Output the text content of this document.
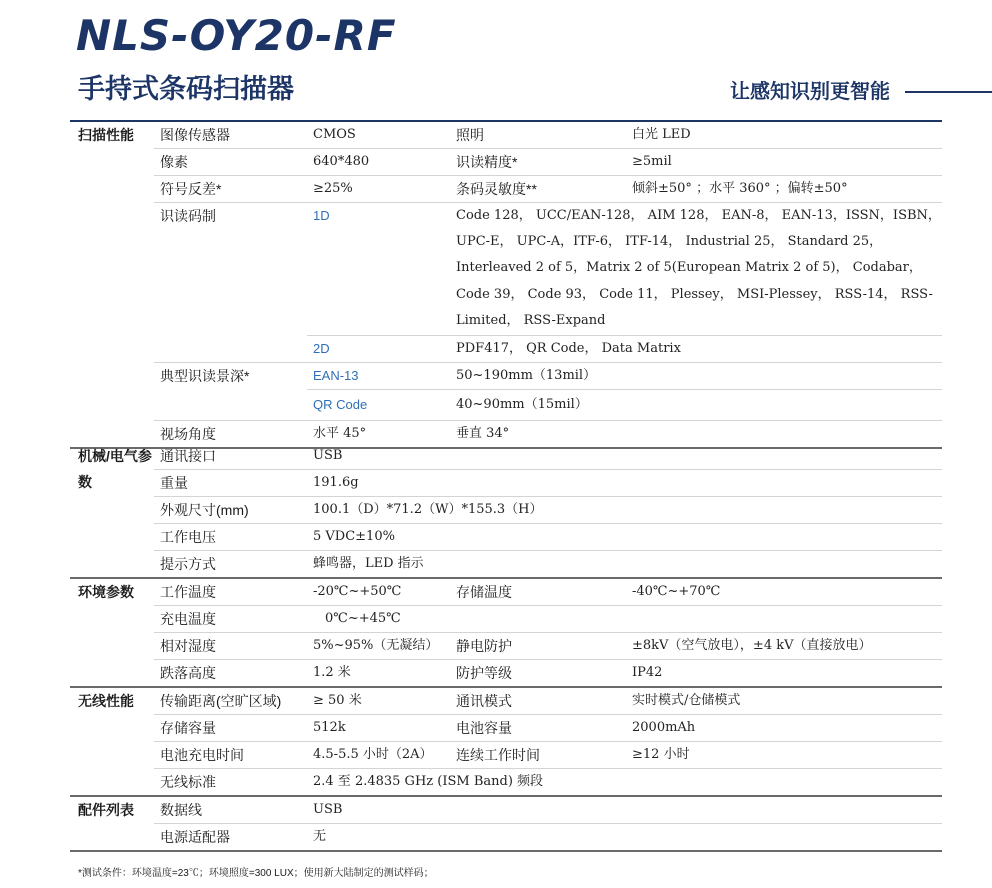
NLS-OY20-RF
手持式条码扫描器	让感知识别更智能
扫描性能	图像传感器	CMOS	照明	白光 LED
	像素	640*480	识读精度*	≥5mil
	符号反差*	≥25%	条码灵敏度**	倾斜±50° ；水平 360° ；偏转±50°
	识读码制	1D	Code 128， UCC/EAN-128， AIM 128， EAN-8， EAN-13，ISSN，ISBN， UPC-E， UPC-A，ITF-6， ITF-14， Industrial 25， Standard 25， Interleaved 2 of 5，Matrix 2 of 5(European Matrix 2 of 5)， Codabar， Code 39， Code 93， Code 11， Plessey， MSI-Plessey， RSS-14， RSS-Limited， RSS-Expand	
		2D	PDF417， QR Code， Data Matrix	
	典型识读景深*	EAN-13	50~190mm（13mil）	
		QR Code	40~90mm（15mil）	
	视场角度	水平 45°	垂直 34°	
机械/电气参数	通讯接口	USB		
	重量	191.6g		
	外观尺寸(mm)	100.1（D）*71.2（W）*155.3（H）		
	工作电压	5 VDC±10%		
	提示方式	蜂鸣器，LED 指示		
环境参数	工作温度	-20℃~+50℃	存储温度	-40℃~+70℃
	充电温度	0℃~+45℃		
	相对湿度	5%~95%（无凝结）	静电防护	±8kV（空气放电），±4 kV（直接放电）
	跌落高度	1.2 米	防护等级	IP42
无线性能	传输距离(空旷区域)	≥ 50 米	通讯模式	实时模式/仓储模式
	存储容量	512k	电池容量	2000mAh
	电池充电时间	4.5-5.5 小时（2A）	连续工作时间	≥12 小时
	无线标准	2.4 至 2.4835 GHz (ISM Band) 频段		
配件列表	数据线	USB		
	电源适配器	无		
*测试条件：环境温度=23℃；环境照度=300 LUX；使用新大陆制定的测试样码；
